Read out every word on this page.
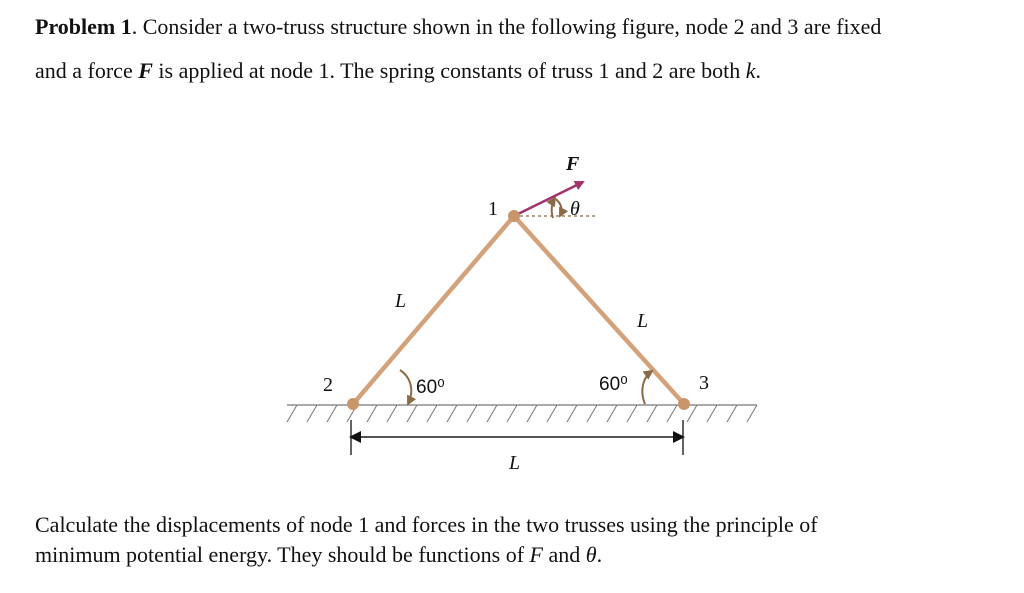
Problem 1. Consider a two-truss structure shown in the following figure, node 2 and 3 are fixed
and a force F is applied at node 1. The spring constants of truss 1 and 2 are both k.
1
2	3
F
θ
L
L
L
60⁰	60⁰
Calculate the displacements of node 1 and forces in the two trusses using the principle of
minimum potential energy. They should be functions of F and θ.
